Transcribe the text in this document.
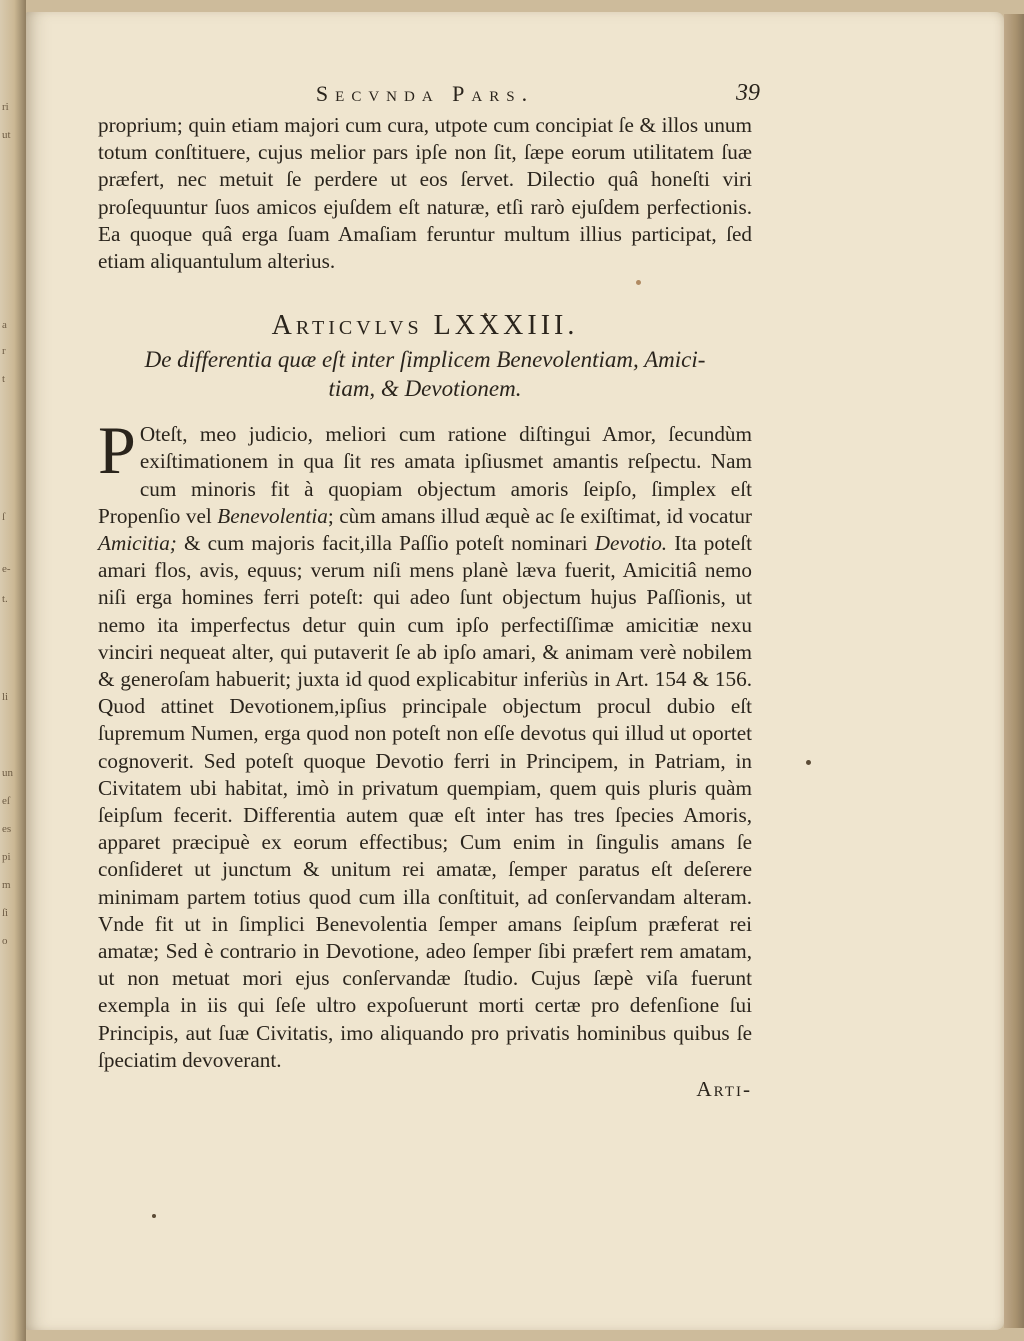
ri
ut
a
r
t
ſ
e-
t.
li
un
eſ
es
pi
m
ſi
o
Secvnda Pars.	39

proprium; quin etiam majori cum cura, utpote cum concipiat ſe & illos unum totum conſtituere, cujus melior pars ipſe non ſit, ſæpe eorum utilitatem ſuæ præfert, nec metuit ſe perdere ut eos ſervet. Dilectio quâ honeſti viri proſequuntur ſuos amicos ejuſdem eſt naturæ, etſi rarò ejuſdem perfectionis. Ea quoque quâ erga ſuam Amaſiam feruntur multum illius participat, ſed etiam aliquantulum alterius.

Articvlvs LXXXIII.
De differentia quæ eſt inter ſimplicem Benevolentiam, Amici-
tiam, & Devotionem.

P Oteſt, meo judicio, meliori cum ratione diſtingui Amor, ſecundùm exiſtimationem in qua ſit res amata ipſiusmet amantis reſpectu. Nam cum minoris fit à quopiam objectum amoris ſeipſo, ſimplex eſt Propenſio vel Benevolentia; cùm amans illud æquè ac ſe exiſtimat, id vocatur Amicitia; & cum majoris facit,illa Paſſio poteſt nominari Devotio. Ita poteſt amari flos, avis, equus; verum niſi mens planè læva fuerit, Amicitiâ nemo niſi erga homines ferri poteſt: qui adeo ſunt objectum hujus Paſſionis, ut nemo ita imperfectus detur quin cum ipſo perfectiſſimæ amicitiæ nexu vinciri nequeat alter, qui putaverit ſe ab ipſo amari, & animam verè nobilem & generoſam habuerit; juxta id quod explicabitur inferiùs in Art. 154 & 156. Quod attinet Devotionem,ipſius principale objectum procul dubio eſt ſupremum Numen, erga quod non poteſt non eſſe devotus qui illud ut oportet cognoverit. Sed poteſt quoque Devotio ferri in Principem, in Patriam, in Civitatem ubi habitat, imò in privatum quempiam, quem quis pluris quàm ſeipſum fecerit. Differentia autem quæ eſt inter has tres ſpecies Amoris, apparet præcipuè ex eorum effectibus; Cum enim in ſingulis amans ſe conſideret ut junctum & unitum rei amatæ, ſemper paratus eſt deſerere minimam partem totius quod cum illa conſtituit, ad conſervandam alteram. Vnde fit ut in ſimplici Benevolentia ſemper amans ſeipſum præferat rei amatæ; Sed è contrario in Devotione, adeo ſemper ſibi præfert rem amatam, ut non metuat mori ejus conſervandæ ſtudio. Cujus ſæpè viſa fuerunt exempla in iis qui ſeſe ultro expoſuerunt morti certæ pro defenſione ſui Principis, aut ſuæ Civitatis, imo aliquando pro privatis hominibus quibus ſe ſpeciatim devoverant.

Arti-
